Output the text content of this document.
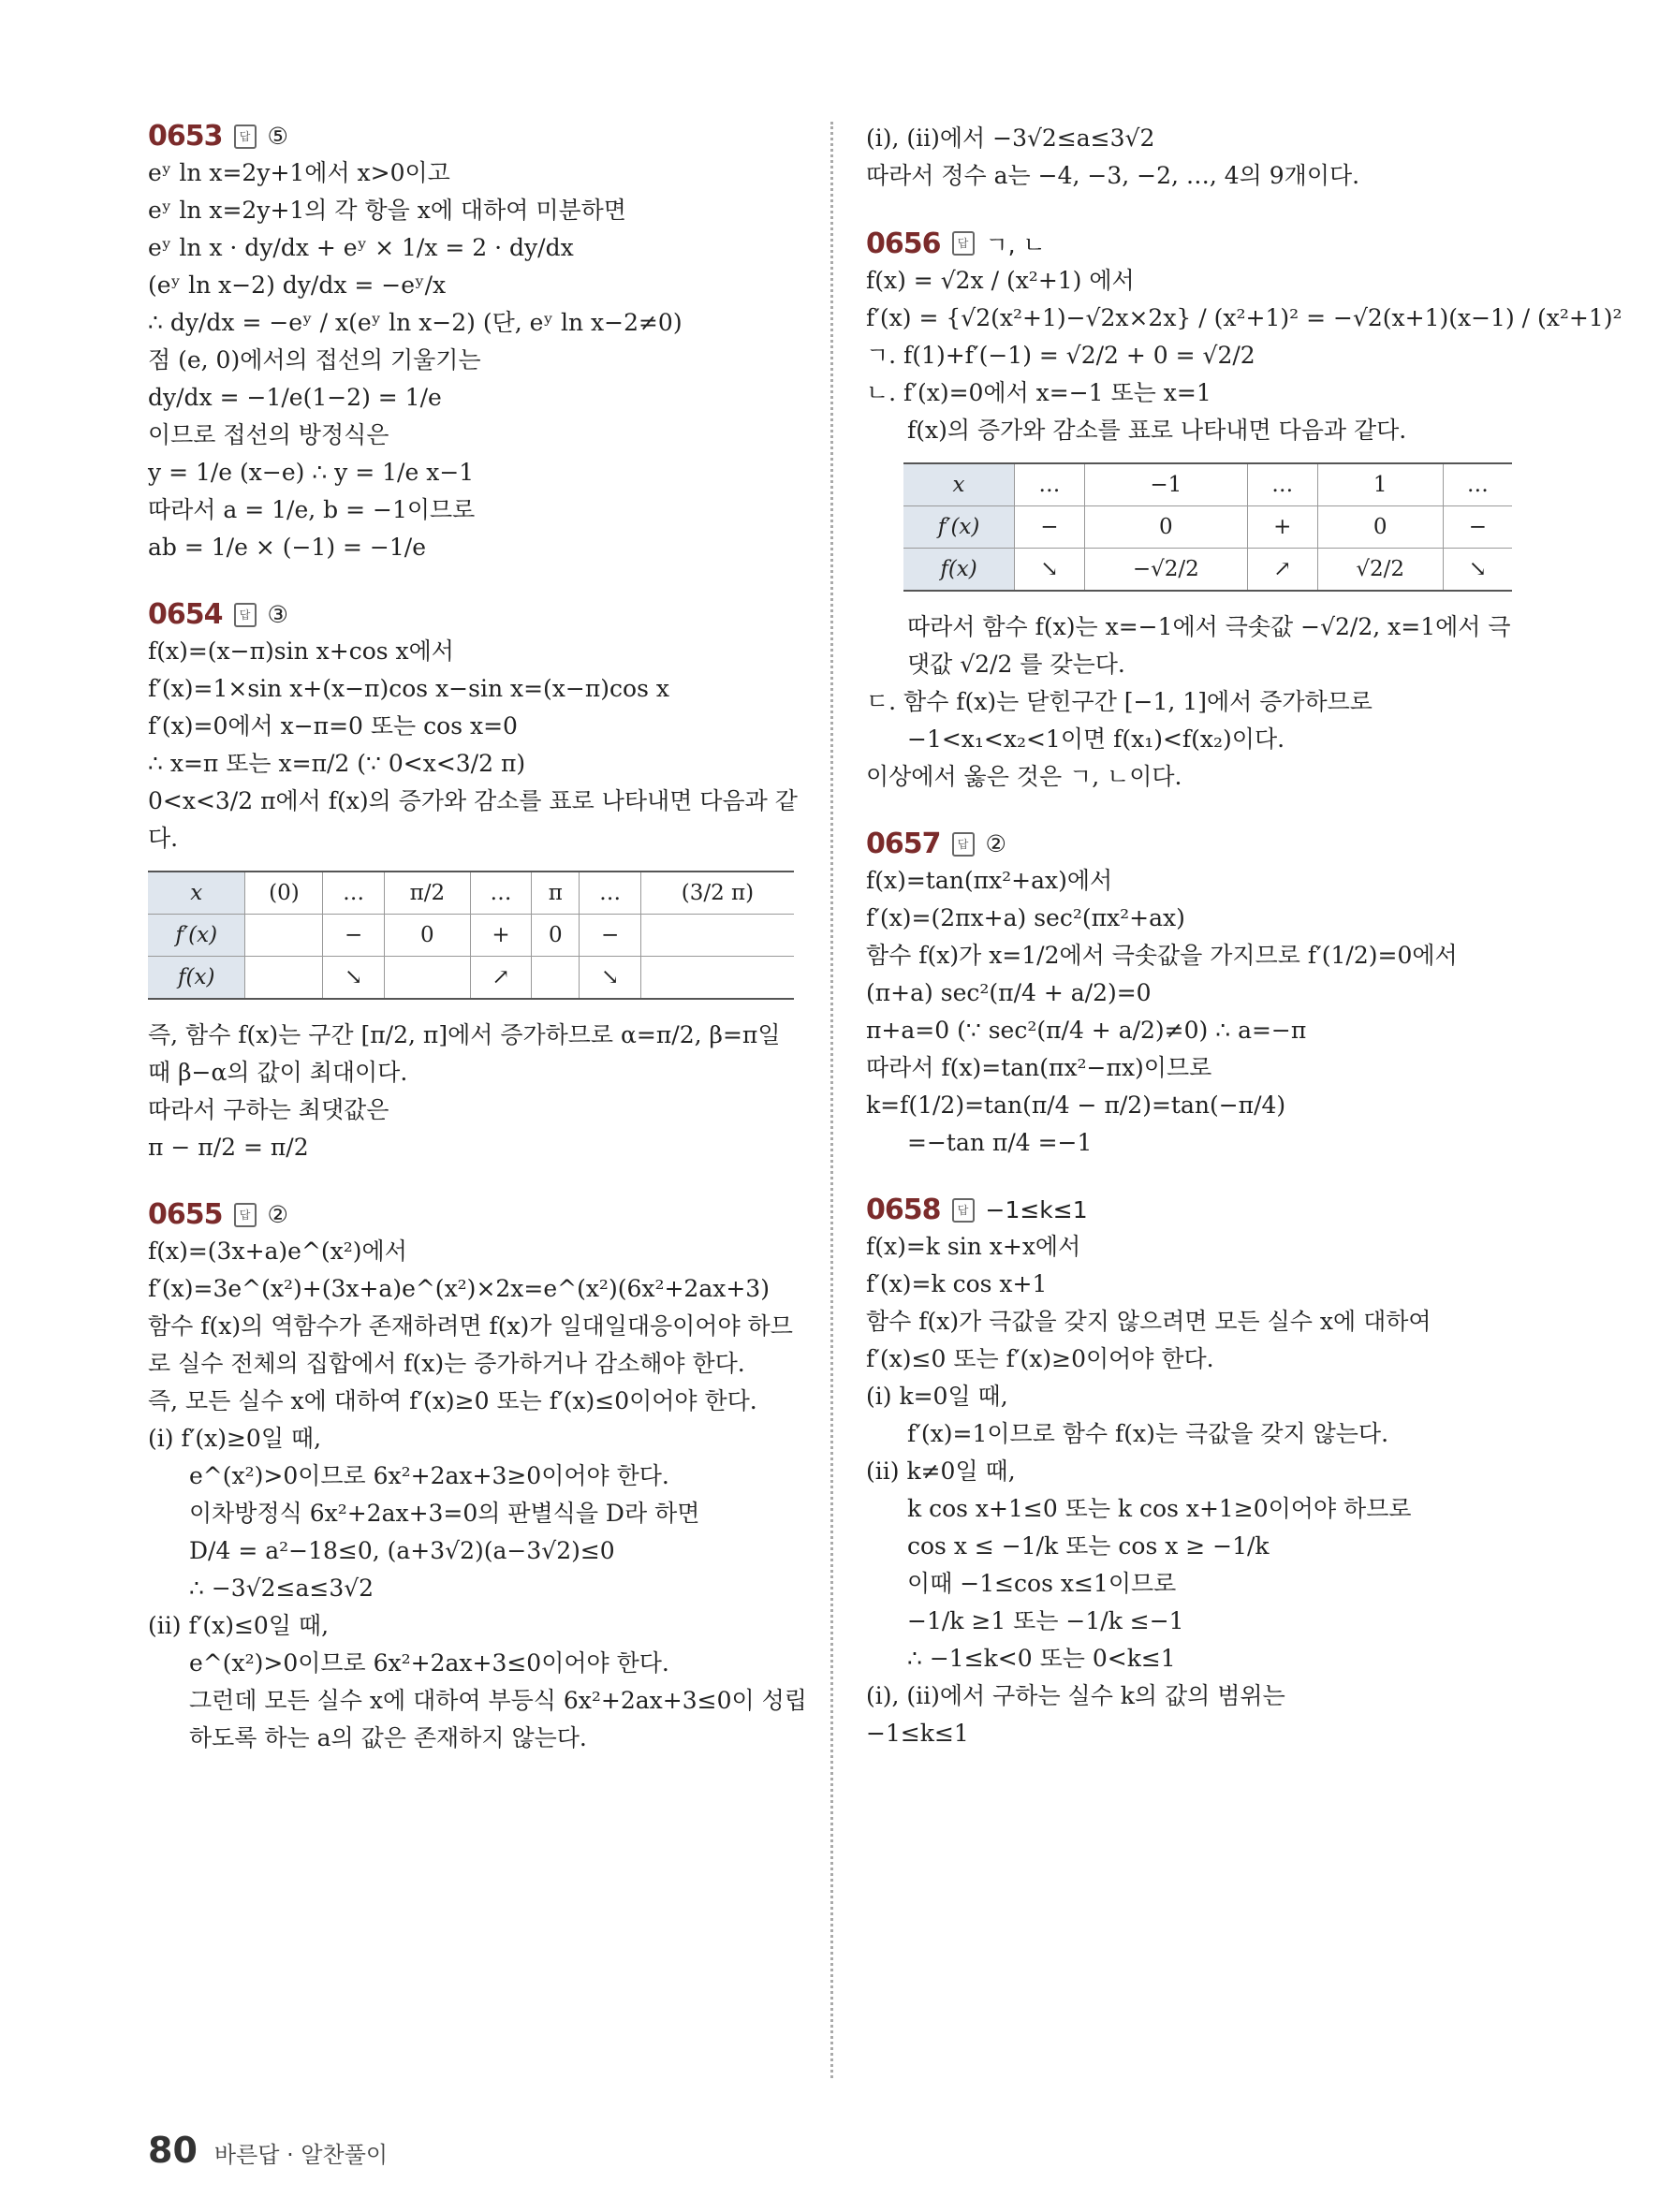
0653	답 ⑤
eʸ ln x=2y+1에서 x>0이고
eʸ ln x=2y+1의 각 항을 x에 대하여 미분하면
eʸ ln x · dy/dx + eʸ × 1/x = 2 · dy/dx
(eʸ ln x−2) dy/dx = −eʸ/x
∴ dy/dx = −eʸ / x(eʸ ln x−2) (단, eʸ ln x−2≠0)
점 (e, 0)에서의 접선의 기울기는
dy/dx = −1/e(1−2) = 1/e
이므로 접선의 방정식은
y = 1/e (x−e) ∴ y = 1/e x−1
따라서 a = 1/e, b = −1이므로
ab = 1/e × (−1) = −1/e
0654	답 ③
f(x)=(x−π)sin x+cos x에서
f′(x)=1×sin x+(x−π)cos x−sin x=(x−π)cos x
f′(x)=0에서 x−π=0 또는 cos x=0
∴ x=π 또는 x=π/2 (∵ 0<x<3/2 π)
0<x<3/2 π에서 f(x)의 증가와 감소를 표로 나타내면 다음과 같
다.
x	(0)	…	π/2	…	π	…	(3/2 π)
f′(x)		−	0	+	0	−	
f(x)		↘		↗		↘	
즉, 함수 f(x)는 구간 [π/2, π]에서 증가하므로 α=π/2, β=π일
때 β−α의 값이 최대이다.
따라서 구하는 최댓값은
π − π/2 = π/2
0655	답 ②
f(x)=(3x+a)e^(x²)에서
f′(x)=3e^(x²)+(3x+a)e^(x²)×2x=e^(x²)(6x²+2ax+3)
함수 f(x)의 역함수가 존재하려면 f(x)가 일대일대응이어야 하므
로 실수 전체의 집합에서 f(x)는 증가하거나 감소해야 한다.
즉, 모든 실수 x에 대하여 f′(x)≥0 또는 f′(x)≤0이어야 한다.
(ⅰ) f′(x)≥0일 때,
e^(x²)>0이므로 6x²+2ax+3≥0이어야 한다.
이차방정식 6x²+2ax+3=0의 판별식을 D라 하면
D/4 = a²−18≤0, (a+3√2)(a−3√2)≤0
∴ −3√2≤a≤3√2
(ⅱ) f′(x)≤0일 때,
e^(x²)>0이므로 6x²+2ax+3≤0이어야 한다.
그런데 모든 실수 x에 대하여 부등식 6x²+2ax+3≤0이 성립
하도록 하는 a의 값은 존재하지 않는다.
(ⅰ), (ⅱ)에서 −3√2≤a≤3√2
따라서 정수 a는 −4, −3, −2, …, 4의 9개이다.
0656	답 ㄱ, ㄴ
f(x) = √2x / (x²+1) 에서
f′(x) = {√2(x²+1)−√2x×2x} / (x²+1)² = −√2(x+1)(x−1) / (x²+1)²
ㄱ. f(1)+f′(−1) = √2/2 + 0 = √2/2
ㄴ. f′(x)=0에서 x=−1 또는 x=1
f(x)의 증가와 감소를 표로 나타내면 다음과 같다.
x	…	−1	…	1	…
f′(x)	−	0	+	0	−
f(x)	↘	−√2/2	↗	√2/2	↘
따라서 함수 f(x)는 x=−1에서 극솟값 −√2/2, x=1에서 극
댓값 √2/2 를 갖는다.
ㄷ. 함수 f(x)는 닫힌구간 [−1, 1]에서 증가하므로
−1<x₁<x₂<1이면 f(x₁)<f(x₂)이다.
이상에서 옳은 것은 ㄱ, ㄴ이다.
0657	답 ②
f(x)=tan(πx²+ax)에서
f′(x)=(2πx+a) sec²(πx²+ax)
함수 f(x)가 x=1/2에서 극솟값을 가지므로 f′(1/2)=0에서
(π+a) sec²(π/4 + a/2)=0
π+a=0 (∵ sec²(π/4 + a/2)≠0) ∴ a=−π
따라서 f(x)=tan(πx²−πx)이므로
k=f(1/2)=tan(π/4 − π/2)=tan(−π/4)
=−tan π/4 =−1
0658	답 −1≤k≤1
f(x)=k sin x+x에서
f′(x)=k cos x+1
함수 f(x)가 극값을 갖지 않으려면 모든 실수 x에 대하여
f′(x)≤0 또는 f′(x)≥0이어야 한다.
(ⅰ) k=0일 때,
f′(x)=1이므로 함수 f(x)는 극값을 갖지 않는다.
(ⅱ) k≠0일 때,
k cos x+1≤0 또는 k cos x+1≥0이어야 하므로
cos x ≤ −1/k 또는 cos x ≥ −1/k
이때 −1≤cos x≤1이므로
−1/k ≥1 또는 −1/k ≤−1
∴ −1≤k<0 또는 0<k≤1
(ⅰ), (ⅱ)에서 구하는 실수 k의 값의 범위는
−1≤k≤1
80 바른답 · 알찬풀이
